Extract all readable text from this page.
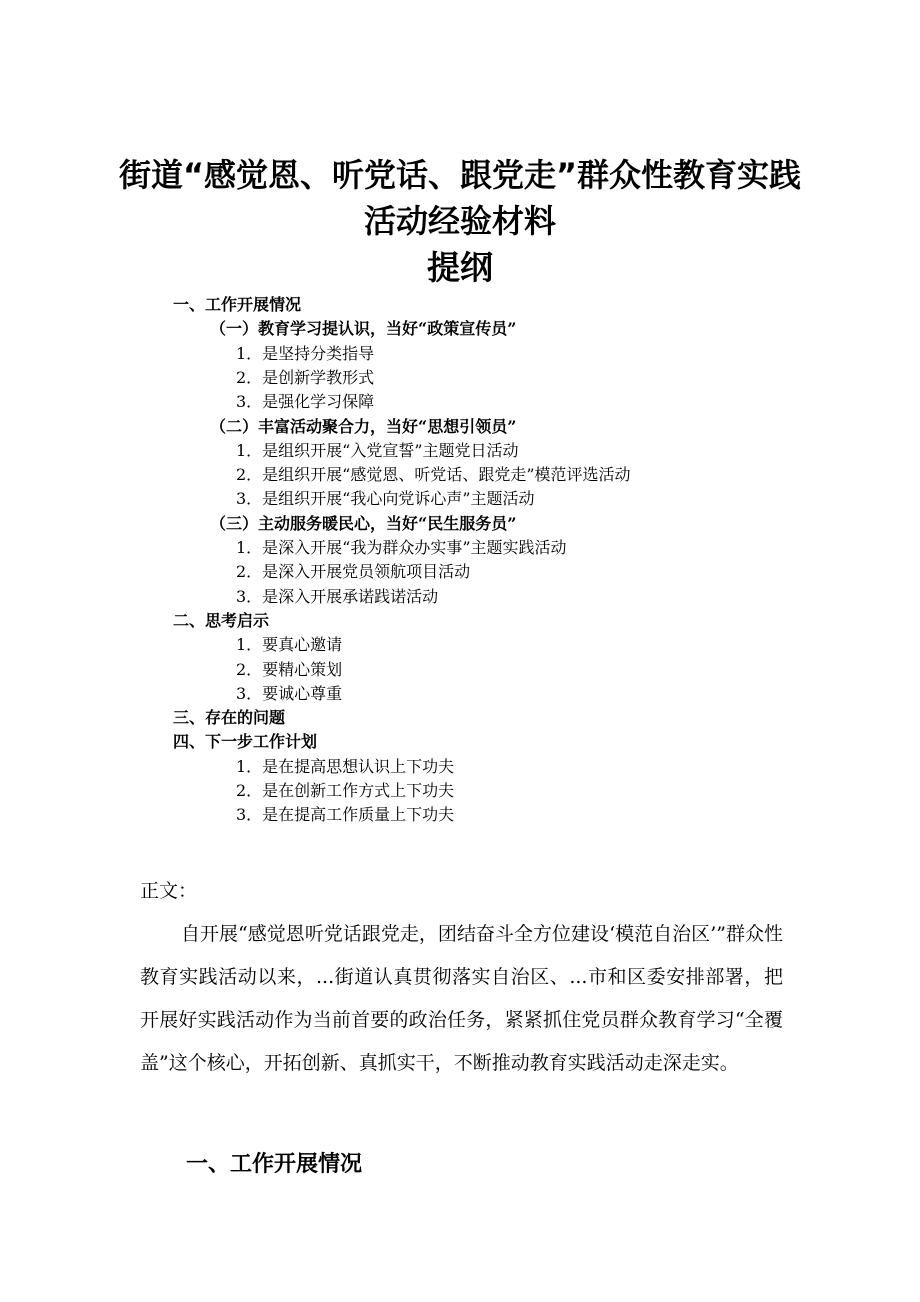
街道“感觉恩、听党话、跟党走”群众性教育实践
活动经验材料
提纲
一、工作开展情况
（一）教育学习提认识，当好“政策宣传员”
1．是坚持分类指导
2．是创新学教形式
3．是强化学习保障
（二）丰富活动聚合力，当好“思想引领员”
1．是组织开展“入党宣誓”主题党日活动
2．是组织开展“感觉恩、听党话、跟党走”模范评选活动
3．是组织开展“我心向党诉心声”主题活动
（三）主动服务暖民心，当好“民生服务员”
1．是深入开展“我为群众办实事”主题实践活动
2．是深入开展党员领航项目活动
3．是深入开展承诺践诺活动
二、思考启示
1．要真心邀请
2．要精心策划
3．要诚心尊重
三、存在的问题
四、下一步工作计划
1．是在提高思想认识上下功夫
2．是在创新工作方式上下功夫
3．是在提高工作质量上下功夫
正文：

自开展“感觉恩听党话跟党走，团结奋斗全方位建设‘模范自治区’”群众性教育实践活动以来，...街道认真贯彻落实自治区、...市和区委安排部署，把开展好实践活动作为当前首要的政治任务，紧紧抓住党员群众教育学习“全覆盖”这个核心，开拓创新、真抓实干，不断推动教育实践活动走深走实。

一、工作开展情况
